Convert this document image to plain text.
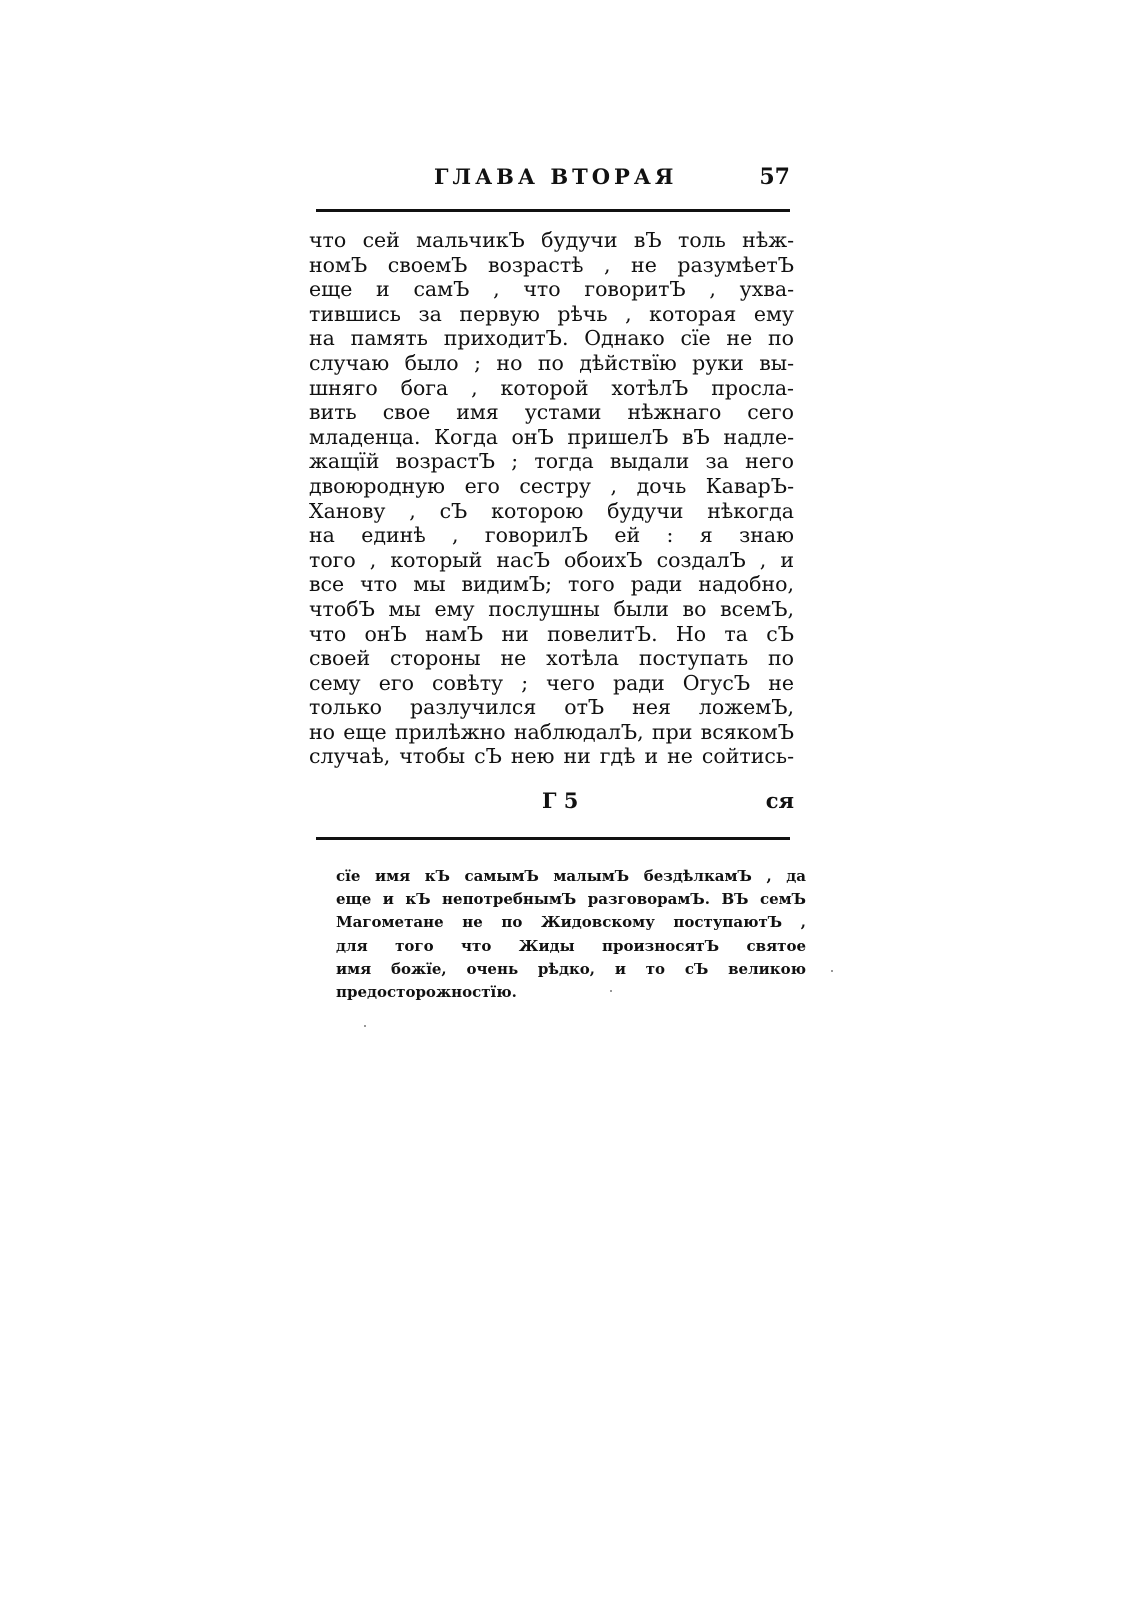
ГЛАВА ВТОРАЯ	57
что сей мальчикЪ будучи вЪ толь нѣж-
номЪ своемЪ возрастѣ , не разумѣетЪ
еще и самЪ , что говоритЪ , ухва-
тившись за первую рѣчь , которая ему
на память приходитЪ. Однако сїе не по
случаю было ; но по дѣйствїю руки вы-
шняго бога , которой хотѣлЪ просла-
вить свое имя устами нѣжнаго сего
младенца. Когда онЪ пришелЪ вЪ надле-
жащїй возрастЪ ; тогда выдали за него
двоюродную его сестру , дочь КаварЪ-
Ханову , сЪ которою будучи нѣкогда
на единѣ , говорилЪ ей : я знаю
того , который насЪ обоихЪ создалЪ , и
все что мы видимЪ; того ради надобно,
чтобЪ мы ему послушны были во всемЪ,
что онЪ намЪ ни повелитЪ. Но та сЪ
своей стороны не хотѣла поступать по
сему его совѣту ; чего ради ОгусЪ не
только разлучился отЪ нея ложемЪ,
но еще прилѣжно наблюдалЪ, при всякомЪ
случаѣ, чтобы сЪ нею ни гдѣ и не сойтись-
Г 5	ся
сїе имя кЪ самымЪ малымЪ бездѣлкамЪ , да
еще и кЪ непотребнымЪ разговорамЪ. ВЪ семЪ
Магометане не по Жидовскому поступаютЪ ,
для того что Жиды произносятЪ святое
имя божїе, очень рѣдко, и то сЪ великою
предосторожностїю.
